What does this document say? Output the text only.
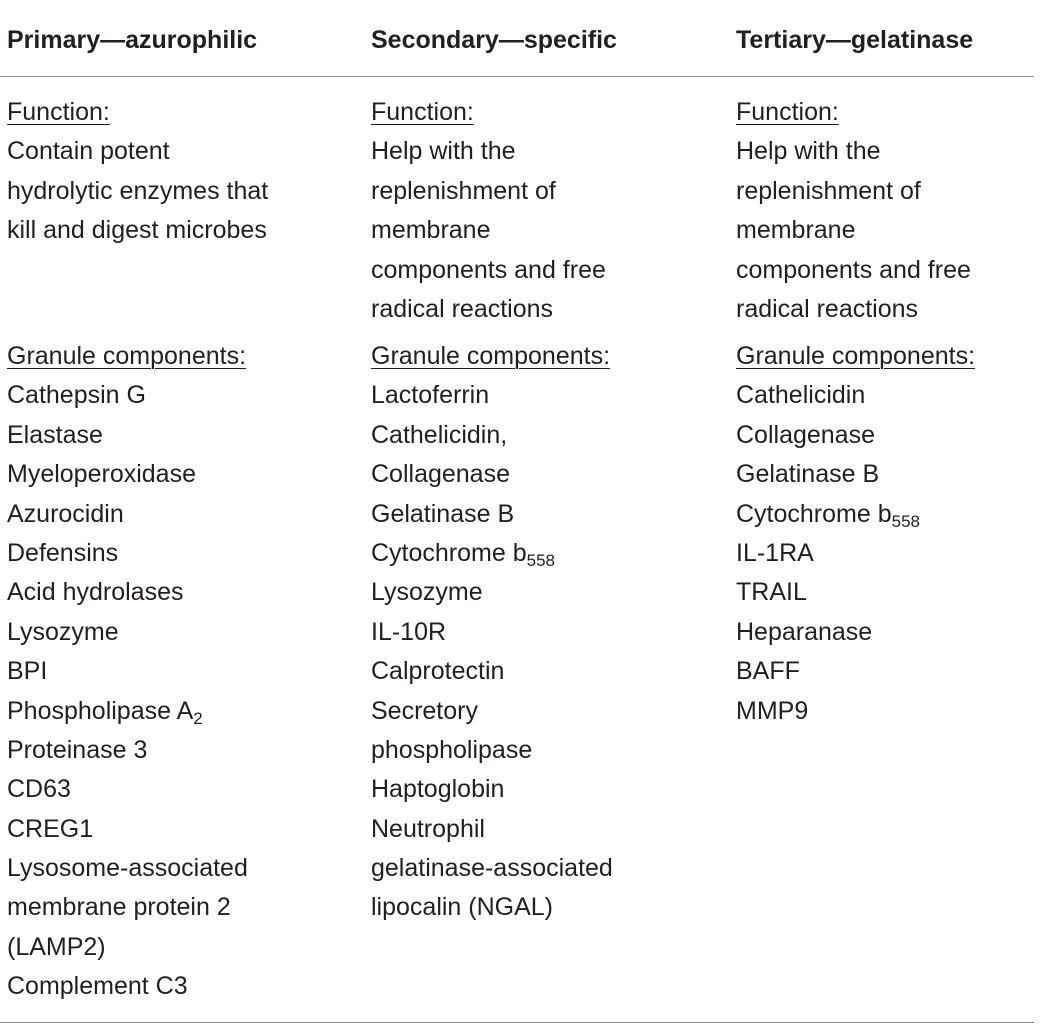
Primary—azurophilic
Function:
Contain potent
hydrolytic enzymes that
kill and digest microbes
Granule components:
Cathepsin G
Elastase
Myeloperoxidase
Azurocidin
Defensins
Acid hydrolases
Lysozyme
BPI
Phospholipase $A_2$
Proteinase 3
CD63
CREG1
Lysosome-associated
membrane protein 2
(LAMP2)
Complement C3
Secondary—specific
Function:
Help with the
replenishment of
membrane
components and free
radical reactions
Granule components:
Lactoferrin
Cathelicidin,
Collagenase
Gelatinase B
Cytochrome $b_{558}$
Lysozyme
IL-10R
Calprotectin
Secretory
phospholipase
Haptoglobin
Neutrophil
gelatinase-associated
lipocalin (NGAL)
Tertiary—gelatinase
Function:
Help with the
replenishment of
membrane
components and free
radical reactions
Granule components:
Cathelicidin
Collagenase
Gelatinase B
Cytochrome $b_{558}$
IL-1RA
TRAIL
Heparanase
BAFF
MMP9
